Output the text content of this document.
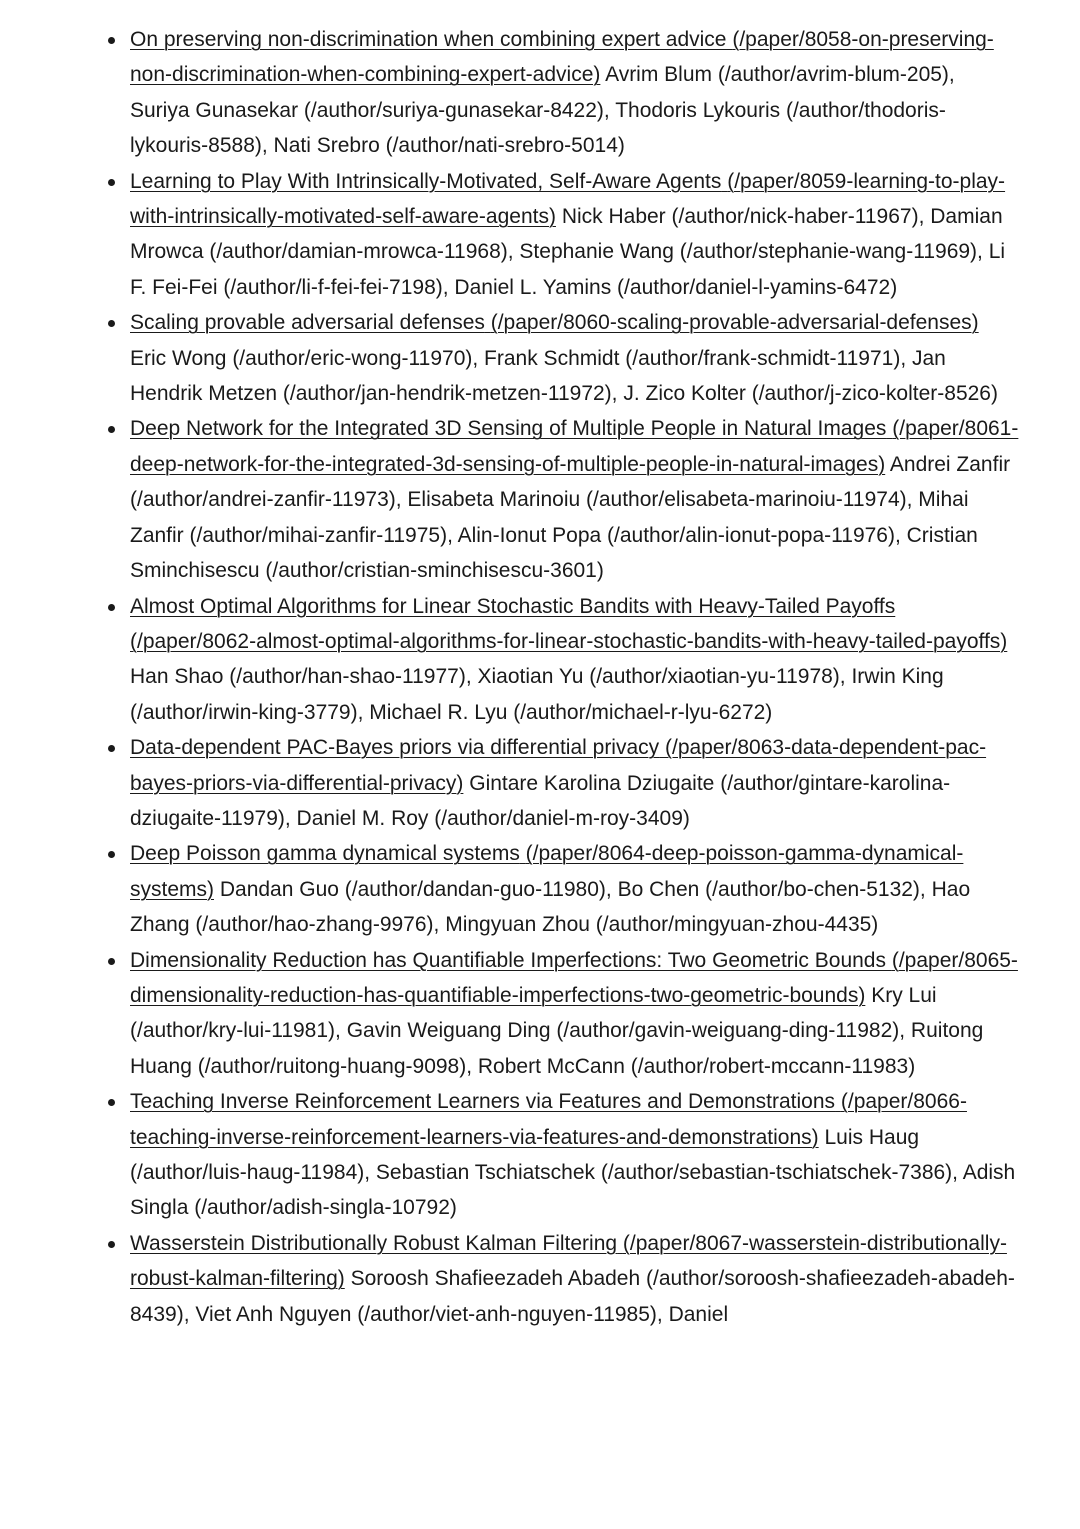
On preserving non-discrimination when combining expert advice (/paper/8058-on-preserving-non-discrimination-when-combining-expert-advice) Avrim Blum (/author/avrim-blum-205), Suriya Gunasekar (/author/suriya-gunasekar-8422), Thodoris Lykouris (/author/thodoris-lykouris-8588), Nati Srebro (/author/nati-srebro-5014)
Learning to Play With Intrinsically-Motivated, Self-Aware Agents (/paper/8059-learning-to-play-with-intrinsically-motivated-self-aware-agents) Nick Haber (/author/nick-haber-11967), Damian Mrowca (/author/damian-mrowca-11968), Stephanie Wang (/author/stephanie-wang-11969), Li F. Fei-Fei (/author/li-f-fei-fei-7198), Daniel L. Yamins (/author/daniel-l-yamins-6472)
Scaling provable adversarial defenses (/paper/8060-scaling-provable-adversarial-defenses) Eric Wong (/author/eric-wong-11970), Frank Schmidt (/author/frank-schmidt-11971), Jan Hendrik Metzen (/author/jan-hendrik-metzen-11972), J. Zico Kolter (/author/j-zico-kolter-8526)
Deep Network for the Integrated 3D Sensing of Multiple People in Natural Images (/paper/8061-deep-network-for-the-integrated-3d-sensing-of-multiple-people-in-natural-images) Andrei Zanfir (/author/andrei-zanfir-11973), Elisabeta Marinoiu (/author/elisabeta-marinoiu-11974), Mihai Zanfir (/author/mihai-zanfir-11975), Alin-Ionut Popa (/author/alin-ionut-popa-11976), Cristian Sminchisescu (/author/cristian-sminchisescu-3601)
Almost Optimal Algorithms for Linear Stochastic Bandits with Heavy-Tailed Payoffs (/paper/8062-almost-optimal-algorithms-for-linear-stochastic-bandits-with-heavy-tailed-payoffs) Han Shao (/author/han-shao-11977), Xiaotian Yu (/author/xiaotian-yu-11978), Irwin King (/author/irwin-king-3779), Michael R. Lyu (/author/michael-r-lyu-6272)
Data-dependent PAC-Bayes priors via differential privacy (/paper/8063-data-dependent-pac-bayes-priors-via-differential-privacy) Gintare Karolina Dziugaite (/author/gintare-karolina-dziugaite-11979), Daniel M. Roy (/author/daniel-m-roy-3409)
Deep Poisson gamma dynamical systems (/paper/8064-deep-poisson-gamma-dynamical-systems) Dandan Guo (/author/dandan-guo-11980), Bo Chen (/author/bo-chen-5132), Hao Zhang (/author/hao-zhang-9976), Mingyuan Zhou (/author/mingyuan-zhou-4435)
Dimensionality Reduction has Quantifiable Imperfections: Two Geometric Bounds (/paper/8065-dimensionality-reduction-has-quantifiable-imperfections-two-geometric-bounds) Kry Lui (/author/kry-lui-11981), Gavin Weiguang Ding (/author/gavin-weiguang-ding-11982), Ruitong Huang (/author/ruitong-huang-9098), Robert McCann (/author/robert-mccann-11983)
Teaching Inverse Reinforcement Learners via Features and Demonstrations (/paper/8066-teaching-inverse-reinforcement-learners-via-features-and-demonstrations) Luis Haug (/author/luis-haug-11984), Sebastian Tschiatschek (/author/sebastian-tschiatschek-7386), Adish Singla (/author/adish-singla-10792)
Wasserstein Distributionally Robust Kalman Filtering (/paper/8067-wasserstein-distributionally-robust-kalman-filtering) Soroosh Shafieezadeh Abadeh (/author/soroosh-shafieezadeh-abadeh-8439), Viet Anh Nguyen (/author/viet-anh-nguyen-11985), Daniel
